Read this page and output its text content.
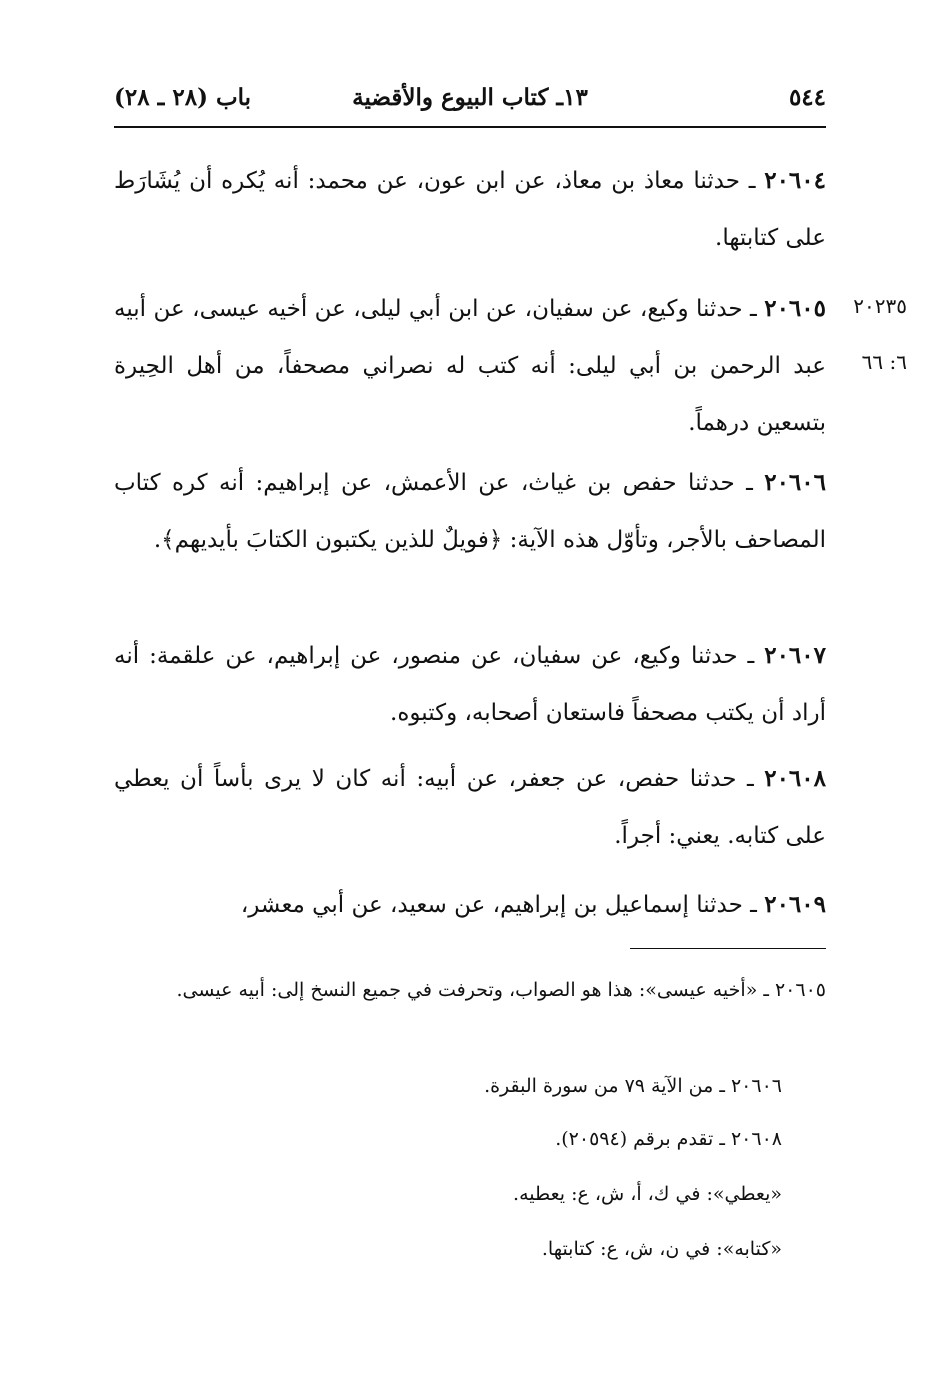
٥٤٤
١٣ـ كتاب البيوع والأقضية
باب (٢٨ ـ ٢٨)

٢٠٦٠٤ ـ حدثنا معاذ بن معاذ، عن ابن عون، عن محمد: أنه يُكره أن يُشَارَط على كتابتها.

٢٠٦٠٥ ـ حدثنا وكيع، عن سفيان، عن ابن أبي ليلى، عن أخيه عيسى، عن أبيه عبد الرحمن بن أبي ليلى: أنه كتب له نصراني مصحفاً، من أهل الحِيرة بتسعين درهماً.

٢٠٦٠٦ ـ حدثنا حفص بن غياث، عن الأعمش، عن إبراهيم: أنه كره كتاب المصاحف بالأجر، وتأوّل هذه الآية: ﴿فويلٌ للذين يكتبون الكتابَ بأيديهم﴾.

٢٠٦٠٧ ـ حدثنا وكيع، عن سفيان، عن منصور، عن إبراهيم، عن علقمة: أنه أراد أن يكتب مصحفاً فاستعان أصحابه، وكتبوه.

٢٠٦٠٨ ـ حدثنا حفص، عن جعفر، عن أبيه: أنه كان لا يرى بأساً أن يعطي على كتابه. يعني: أجراً.

٢٠٦٠٩ ـ حدثنا إسماعيل بن إبراهيم، عن سعيد، عن أبي معشر،

٢٠٢٣٥
٦: ٦٦

٢٠٦٠٥ ـ «أخيه عيسى»: هذا هو الصواب، وتحرفت في جميع النسخ إلى: أبيه عيسى.

٢٠٦٠٦ ـ من الآية ٧٩ من سورة البقرة.

٢٠٦٠٨ ـ تقدم برقم (٢٠٥٩٤).

«يعطي»: في ك، أ، ش، ع: يعطيه.

«كتابه»: في ن، ش، ع: كتابتها.
